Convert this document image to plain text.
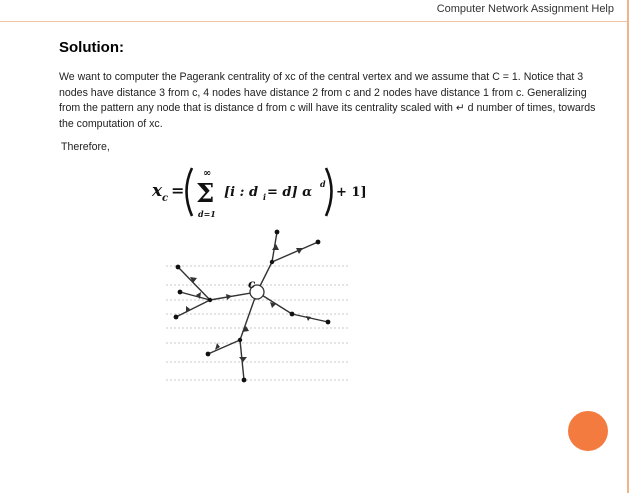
Computer Network Assignment Help
Solution:

We want to computer the Pagerank centrality of xc of the central vertex and we assume that C = 1. Notice that 3 nodes have distance 3 from c, 4 nodes have distance 2 from c and 2 nodes have distance 1 from c. Generalizing from the pattern any node that is distance d from c will have its centrality scaled with ↵ d number of times, towards the computation of xc.

Therefore,
x c =
∞
Σ
d=1
[i : d i = d] α
d
+ 1]
c
